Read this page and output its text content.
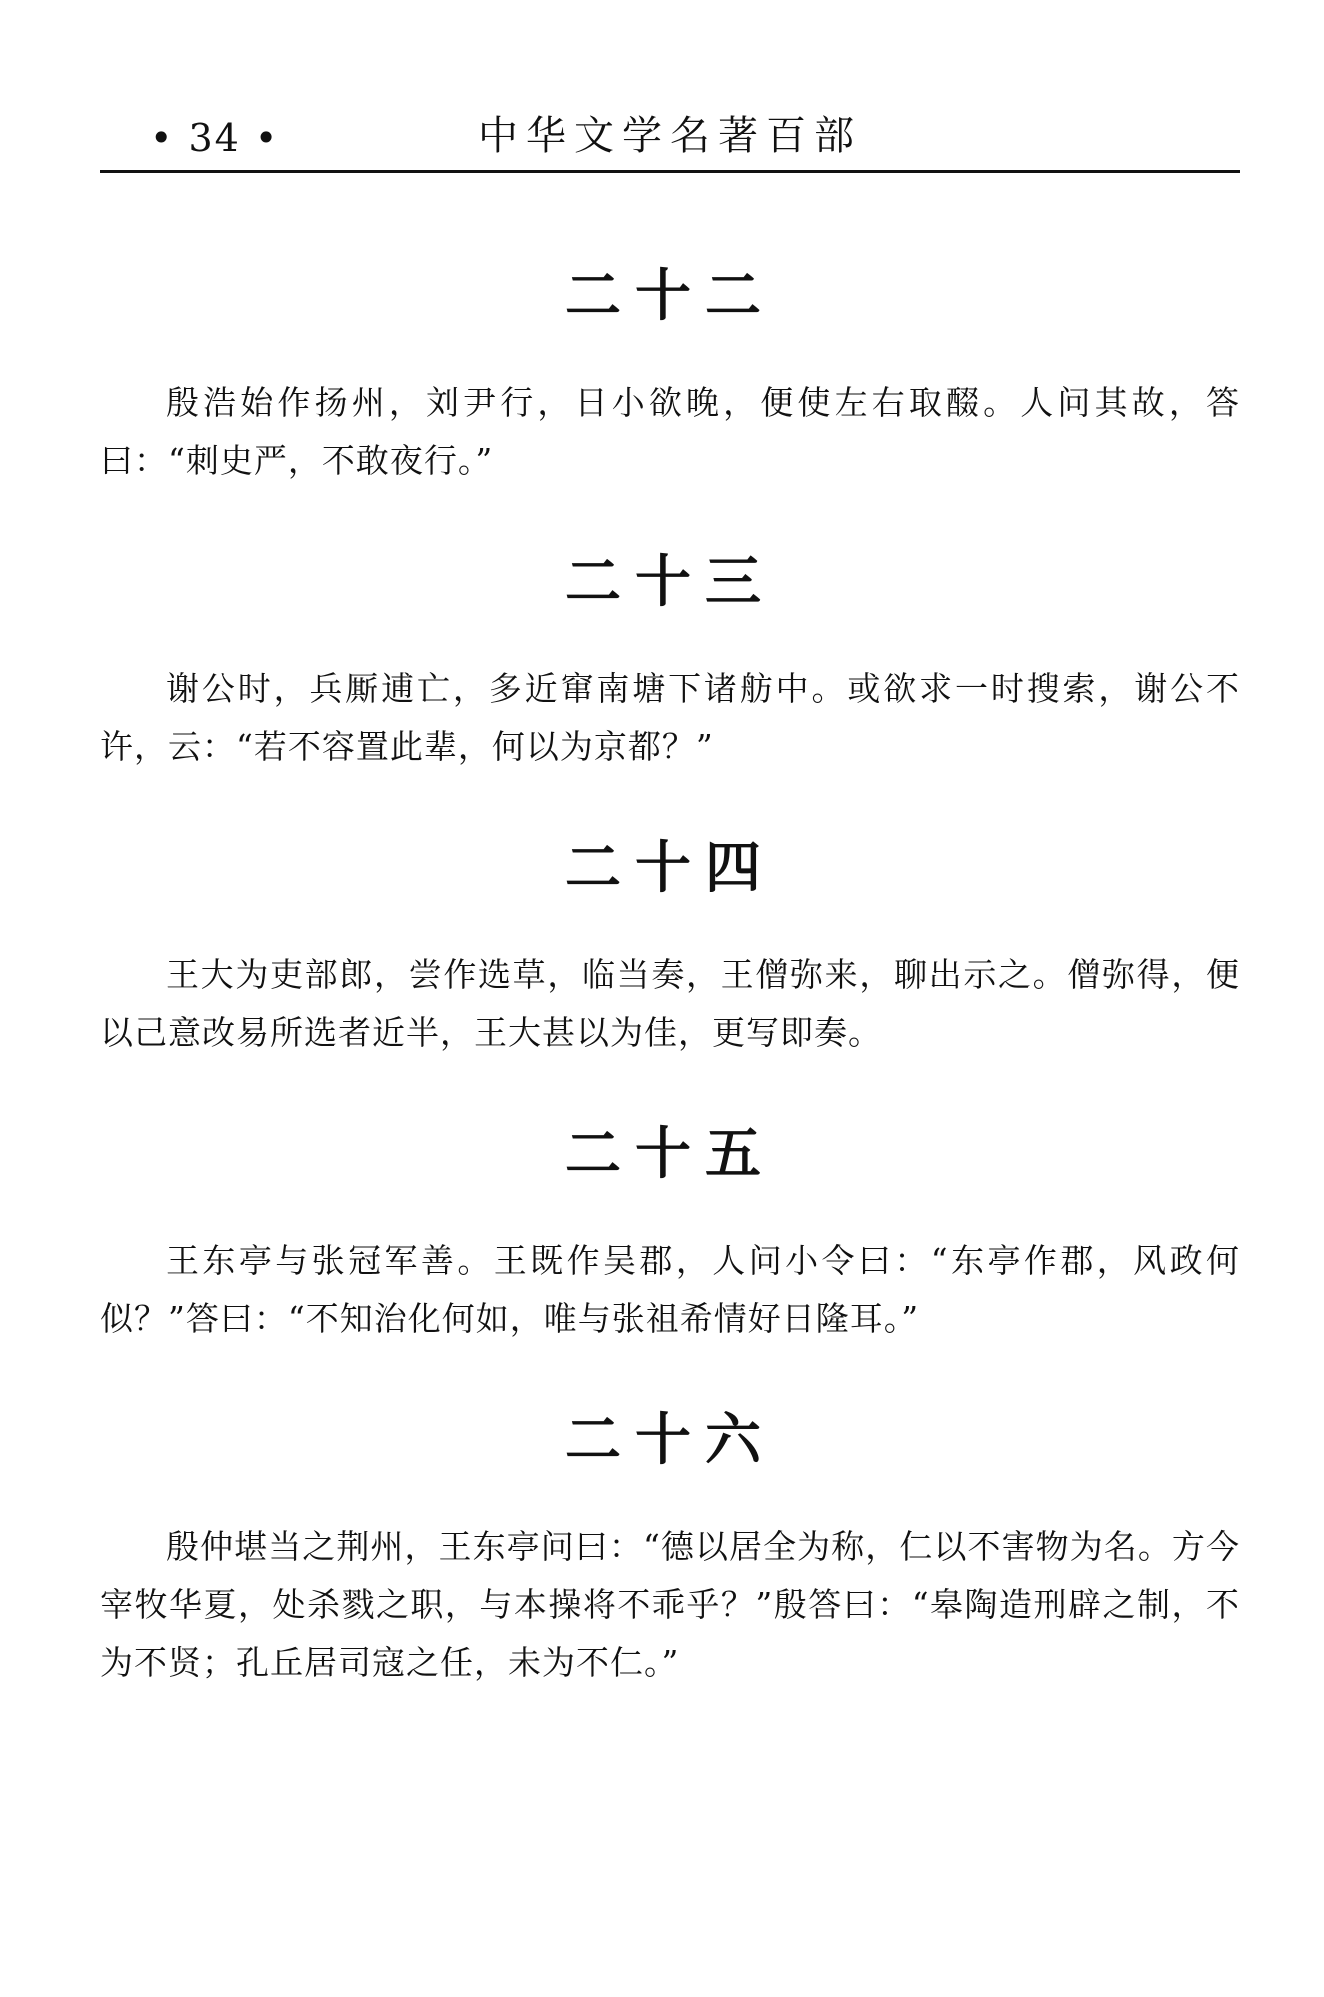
• 34 •	中华文学名著百部
二十二

殷浩始作扬州，刘尹行，日小欲晚，便使左右取醊。人问其故，答曰：“刺史严，不敢夜行。”

二十三

谢公时，兵厮逋亡，多近窜南塘下诸舫中。或欲求一时搜索，谢公不许，云：“若不容置此辈，何以为京都？”

二十四

王大为吏部郎，尝作选草，临当奏，王僧弥来，聊出示之。僧弥得，便以己意改易所选者近半，王大甚以为佳，更写即奏。

二十五

王东亭与张冠军善。王既作吴郡，人问小令曰：“东亭作郡，风政何似？”答曰：“不知治化何如，唯与张祖希情好日隆耳。”

二十六

殷仲堪当之荆州，王东亭问曰：“德以居全为称，仁以不害物为名。方今宰牧华夏，处杀戮之职，与本操将不乖乎？”殷答曰：“皋陶造刑辟之制，不为不贤；孔丘居司寇之任，未为不仁。”
